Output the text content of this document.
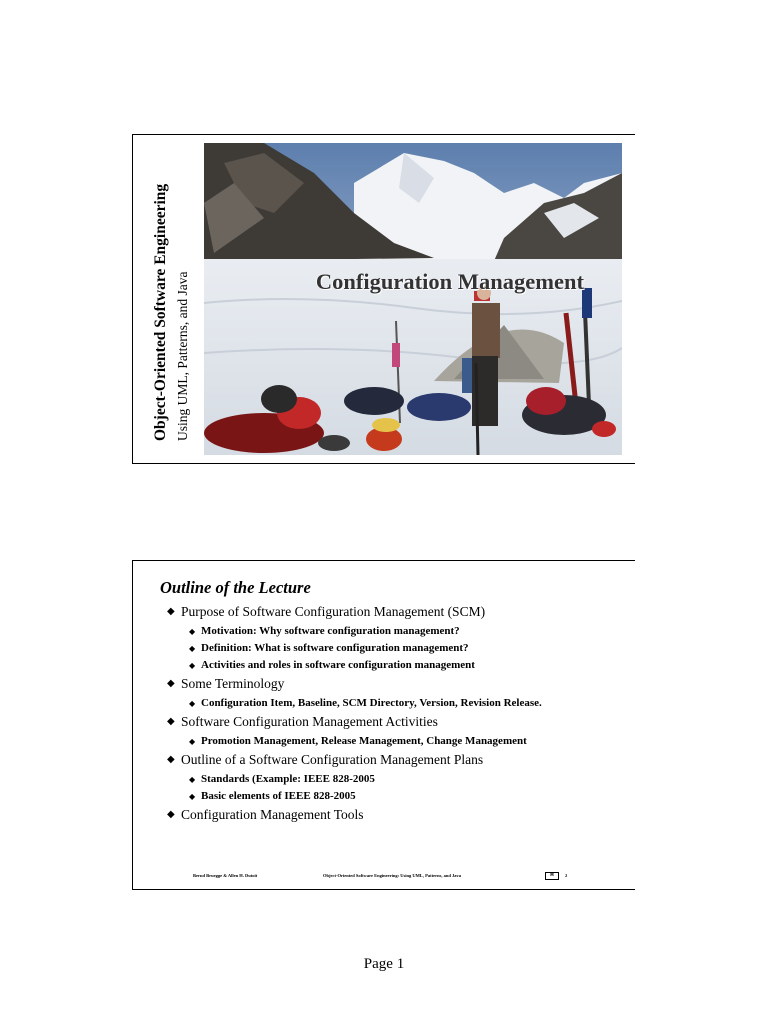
Object-Oriented Software Engineering Using UML, Patterns, and Java	Configuration Management
Outline of the Lecture
◆ Purpose of Software Configuration Management (SCM)
◆ Motivation: Why software configuration management?
◆ Definition: What is software configuration management?
◆ Activities and roles in software configuration management
◆ Some Terminology
◆ Configuration Item, Baseline, SCM Directory, Version, Revision Release.
◆ Software Configuration Management Activities
◆ Promotion Management, Release Management, Change Management
◆ Outline of a Software Configuration Management Plans
◆ Standards (Example: IEEE 828-2005
◆ Basic elements of IEEE 828-2005
◆ Configuration Management Tools
Bernd Bruegge & Allen H. Dutoit	Object-Oriented Software Engineering: Using UML, Patterns, and Java	⌘	2
Page 1
